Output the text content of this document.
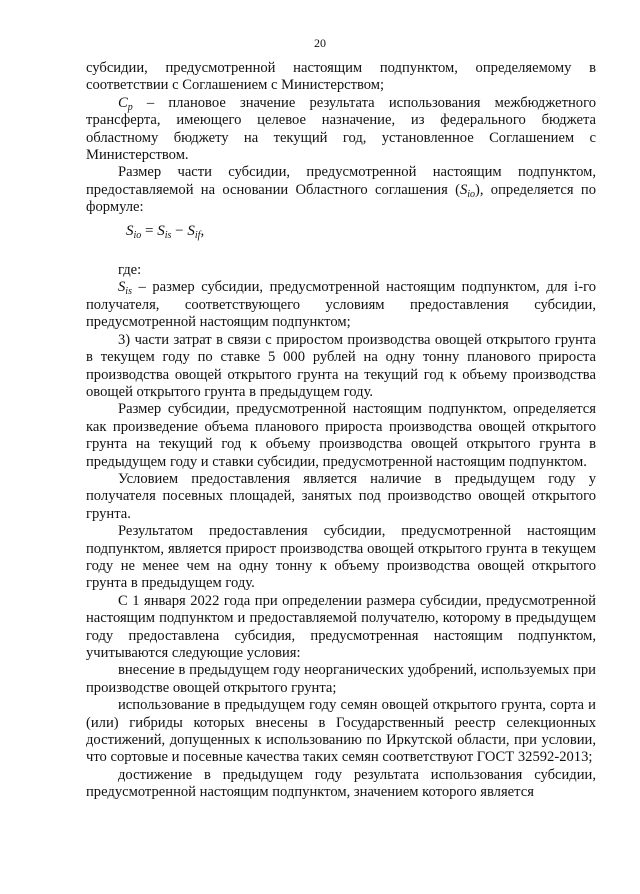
20

субсидии, предусмотренной настоящим подпунктом, определяемому в соответствии с Соглашением с Министерством;

$C_p$ – плановое значение результата использования межбюджетного трансферта, имеющего целевое назначение, из федерального бюджета областному бюджету на текущий год, установленное Соглашением с Министерством.

Размер части субсидии, предусмотренной настоящим подпунктом, предоставляемой на основании Областного соглашения $(S_{io})$, определяется по формуле:

$S_{io} = S_{is} - S_{if}$,

где:

$S_{is}$ – размер субсидии, предусмотренной настоящим подпунктом, для i-го получателя, соответствующего условиям предоставления субсидии, предусмотренной настоящим подпунктом;

3) части затрат в связи с приростом производства овощей открытого грунта в текущем году по ставке 5 000 рублей на одну тонну планового прироста производства овощей открытого грунта на текущий год к объему производства овощей открытого грунта в предыдущем году.

Размер субсидии, предусмотренной настоящим подпунктом, определяется как произведение объема планового прироста производства овощей открытого грунта на текущий год к объему производства овощей открытого грунта в предыдущем году и ставки субсидии, предусмотренной настоящим подпунктом.

Условием предоставления является наличие в предыдущем году у получателя посевных площадей, занятых под производство овощей открытого грунта.

Результатом предоставления субсидии, предусмотренной настоящим подпунктом, является прирост производства овощей открытого грунта в текущем году не менее чем на одну тонну к объему производства овощей открытого грунта в предыдущем году.

С 1 января 2022 года при определении размера субсидии, предусмотренной настоящим подпунктом и предоставляемой получателю, которому в предыдущем году предоставлена субсидия, предусмотренная настоящим подпунктом, учитываются следующие условия:

внесение в предыдущем году неорганических удобрений, используемых при производстве овощей открытого грунта;

использование в предыдущем году семян овощей открытого грунта, сорта и (или) гибриды которых внесены в Государственный реестр селекционных достижений, допущенных к использованию по Иркутской области, при условии, что сортовые и посевные качества таких семян соответствуют ГОСТ 32592-2013;

достижение в предыдущем году результата использования субсидии, предусмотренной настоящим подпунктом, значением которого является
